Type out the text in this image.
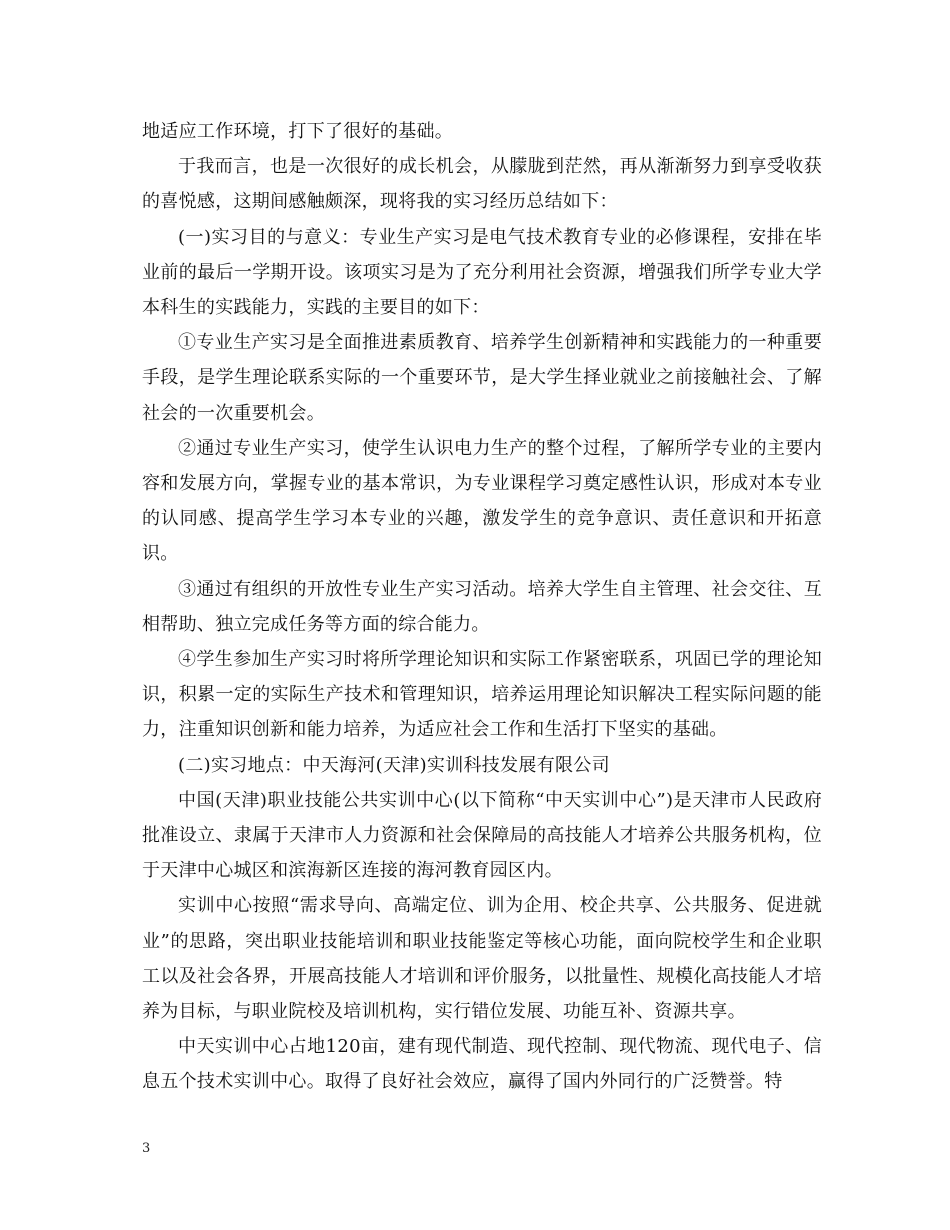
地适应工作环境，打下了很好的基础。

于我而言，也是一次很好的成长机会，从朦胧到茫然，再从渐渐努力到享受收获的喜悦感，这期间感触颇深，现将我的实习经历总结如下：

(一)实习目的与意义：专业生产实习是电气技术教育专业的必修课程，安排在毕业前的最后一学期开设。该项实习是为了充分利用社会资源，增强我们所学专业大学本科生的实践能力，实践的主要目的如下：

①专业生产实习是全面推进素质教育、培养学生创新精神和实践能力的一种重要手段，是学生理论联系实际的一个重要环节，是大学生择业就业之前接触社会、了解社会的一次重要机会。

②通过专业生产实习，使学生认识电力生产的整个过程，了解所学专业的主要内容和发展方向，掌握专业的基本常识，为专业课程学习奠定感性认识，形成对本专业的认同感、提高学生学习本专业的兴趣，激发学生的竞争意识、责任意识和开拓意识。

③通过有组织的开放性专业生产实习活动。培养大学生自主管理、社会交往、互相帮助、独立完成任务等方面的综合能力。

④学生参加生产实习时将所学理论知识和实际工作紧密联系，巩固已学的理论知识，积累一定的实际生产技术和管理知识，培养运用理论知识解决工程实际问题的能力，注重知识创新和能力培养，为适应社会工作和生活打下坚实的基础。

(二)实习地点：中天海河(天津)实训科技发展有限公司

中国(天津)职业技能公共实训中心(以下简称“中天实训中心”)是天津市人民政府批准设立、隶属于天津市人力资源和社会保障局的高技能人才培养公共服务机构，位于天津中心城区和滨海新区连接的海河教育园区内。

实训中心按照“需求导向、高端定位、训为企用、校企共享、公共服务、促进就业”的思路，突出职业技能培训和职业技能鉴定等核心功能，面向院校学生和企业职工以及社会各界，开展高技能人才培训和评价服务，以批量性、规模化高技能人才培养为目标，与职业院校及培训机构，实行错位发展、功能互补、资源共享。

中天实训中心占地120亩，建有现代制造、现代控制、现代物流、现代电子、信息五个技术实训中心。取得了良好社会效应，赢得了国内外同行的广泛赞誉。特

3
